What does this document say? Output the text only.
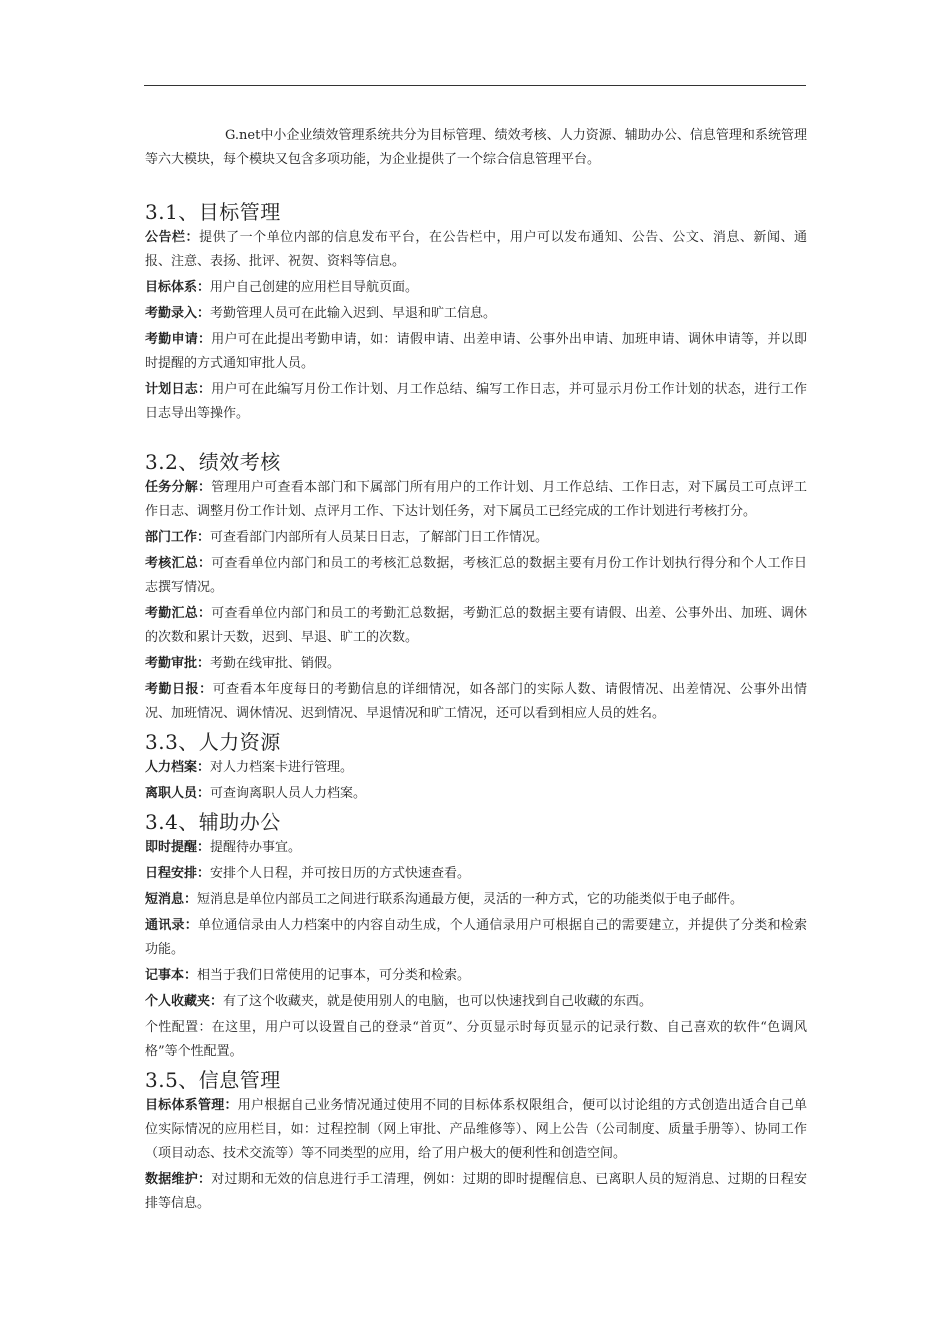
G.net中小企业绩效管理系统共分为目标管理、绩效考核、人力资源、辅助办公、信息管理和系统管理等六大模块，每个模块又包含多项功能，为企业提供了一个综合信息管理平台。

3.1、目标管理

公告栏：提供了一个单位内部的信息发布平台，在公告栏中，用户可以发布通知、公告、公文、消息、新闻、通报、注意、表扬、批评、祝贺、资料等信息。

目标体系：用户自己创建的应用栏目导航页面。

考勤录入：考勤管理人员可在此输入迟到、早退和旷工信息。

考勤申请：用户可在此提出考勤申请，如：请假申请、出差申请、公事外出申请、加班申请、调休申请等，并以即时提醒的方式通知审批人员。

计划日志：用户可在此编写月份工作计划、月工作总结、编写工作日志，并可显示月份工作计划的状态，进行工作日志导出等操作。

3.2、绩效考核

任务分解：管理用户可查看本部门和下属部门所有用户的工作计划、月工作总结、工作日志，对下属员工可点评工作日志、调整月份工作计划、点评月工作、下达计划任务，对下属员工已经完成的工作计划进行考核打分。

部门工作：可查看部门内部所有人员某日日志，了解部门日工作情况。

考核汇总：可查看单位内部门和员工的考核汇总数据，考核汇总的数据主要有月份工作计划执行得分和个人工作日志撰写情况。

考勤汇总：可查看单位内部门和员工的考勤汇总数据，考勤汇总的数据主要有请假、出差、公事外出、加班、调休的次数和累计天数，迟到、早退、旷工的次数。

考勤审批：考勤在线审批、销假。

考勤日报：可查看本年度每日的考勤信息的详细情况，如各部门的实际人数、请假情况、出差情况、公事外出情况、加班情况、调休情况、迟到情况、早退情况和旷工情况，还可以看到相应人员的姓名。

3.3、人力资源

人力档案：对人力档案卡进行管理。

离职人员：可查询离职人员人力档案。

3.4、辅助办公

即时提醒：提醒待办事宜。

日程安排：安排个人日程，并可按日历的方式快速查看。

短消息：短消息是单位内部员工之间进行联系沟通最方便，灵活的一种方式，它的功能类似于电子邮件。

通讯录：单位通信录由人力档案中的内容自动生成，个人通信录用户可根据自己的需要建立，并提供了分类和检索功能。

记事本：相当于我们日常使用的记事本，可分类和检索。

个人收藏夹：有了这个收藏夹，就是使用别人的电脑，也可以快速找到自己收藏的东西。

个性配置：在这里，用户可以设置自己的登录“首页”、分页显示时每页显示的记录行数、自己喜欢的软件“色调风格”等个性配置。

3.5、信息管理

目标体系管理：用户根据自己业务情况通过使用不同的目标体系权限组合，便可以讨论组的方式创造出适合自己单位实际情况的应用栏目，如：过程控制（网上审批、产品维修等）、网上公告（公司制度、质量手册等）、协同工作（项目动态、技术交流等）等不同类型的应用，给了用户极大的便利性和创造空间。

数据维护：对过期和无效的信息进行手工清理，例如：过期的即时提醒信息、已离职人员的短消息、过期的日程安排等信息。
